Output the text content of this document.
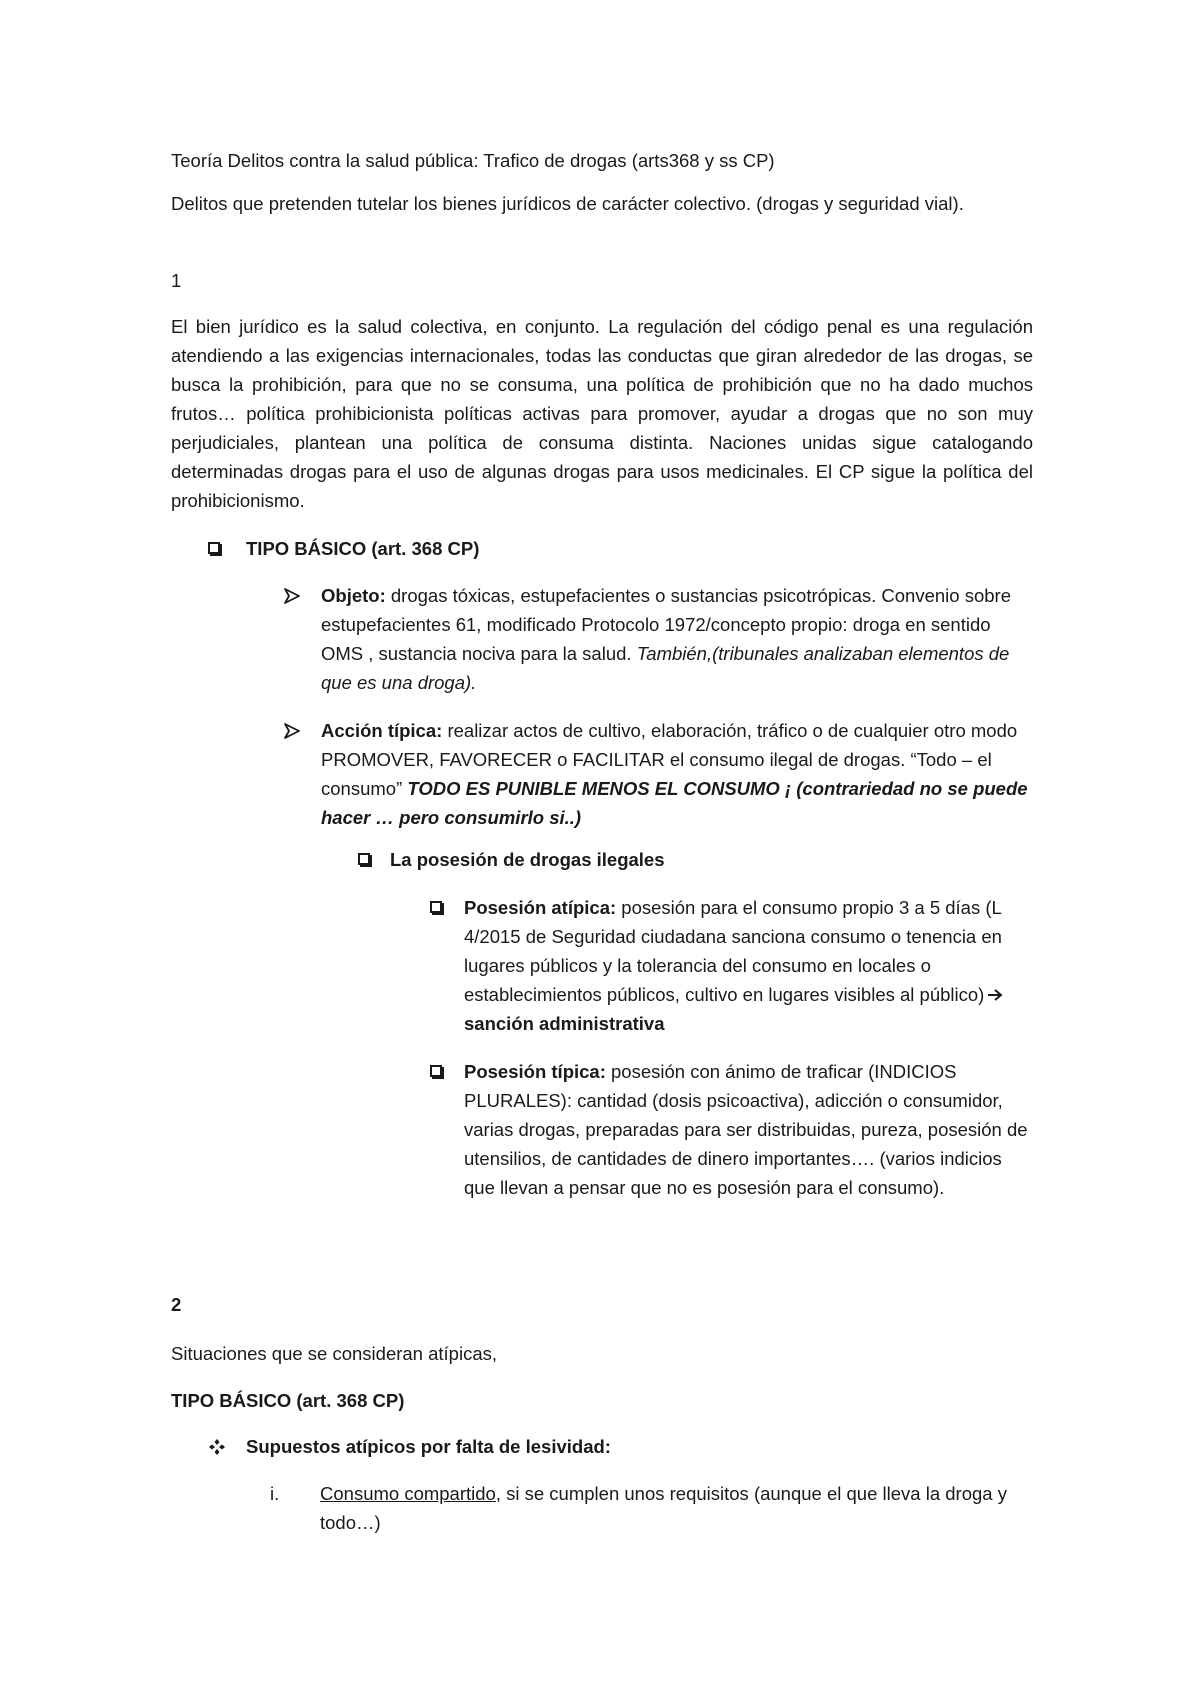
Teoría Delitos contra la salud pública: Trafico de drogas (arts368 y ss CP)

Delitos que pretenden tutelar los bienes jurídicos de carácter colectivo. (drogas y seguridad vial).

1

El bien jurídico es la salud colectiva, en conjunto. La regulación del código penal es una regulación atendiendo a las exigencias internacionales, todas las conductas que giran alrededor de las drogas, se busca la prohibición, para que no se consuma, una política de prohibición que no ha dado muchos frutos… política prohibicionista políticas activas para promover, ayudar a drogas que no son muy perjudiciales, plantean una política de consuma distinta. Naciones unidas sigue catalogando determinadas drogas para el uso de algunas drogas para usos medicinales. El CP sigue la política del prohibicionismo.

TIPO BÁSICO (art. 368 CP)

Objeto: drogas tóxicas, estupefacientes o sustancias psicotrópicas. Convenio sobre estupefacientes 61, modificado Protocolo 1972/concepto propio: droga en sentido OMS , sustancia nociva para la salud. También,(tribunales analizaban elementos de que es una droga).

Acción típica: realizar actos de cultivo, elaboración, tráfico o de cualquier otro modo PROMOVER, FAVORECER o FACILITAR el consumo ilegal de drogas. “Todo – el consumo” TODO ES PUNIBLE MENOS EL CONSUMO ¡ (contrariedad no se puede hacer … pero consumirlo si..)

La posesión de drogas ilegales

Posesión atípica: posesión para el consumo propio 3 a 5 días (L 4/2015 de Seguridad ciudadana sanciona consumo o tenencia en lugares públicos y la tolerancia del consumo en locales o establecimientos públicos, cultivo en lugares visibles al público)sanción administrativa

Posesión típica: posesión con ánimo de traficar (INDICIOS PLURALES): cantidad (dosis psicoactiva), adicción o consumidor, varias drogas, preparadas para ser distribuidas, pureza, posesión de utensilios, de cantidades de dinero importantes…. (varios indicios que llevan a pensar que no es posesión para el consumo).

2

Situaciones que se consideran atípicas,

TIPO BÁSICO (art. 368 CP)

Supuestos atípicos por falta de lesividad:

i. Consumo compartido, si se cumplen unos requisitos (aunque el que lleva la droga y todo…)
